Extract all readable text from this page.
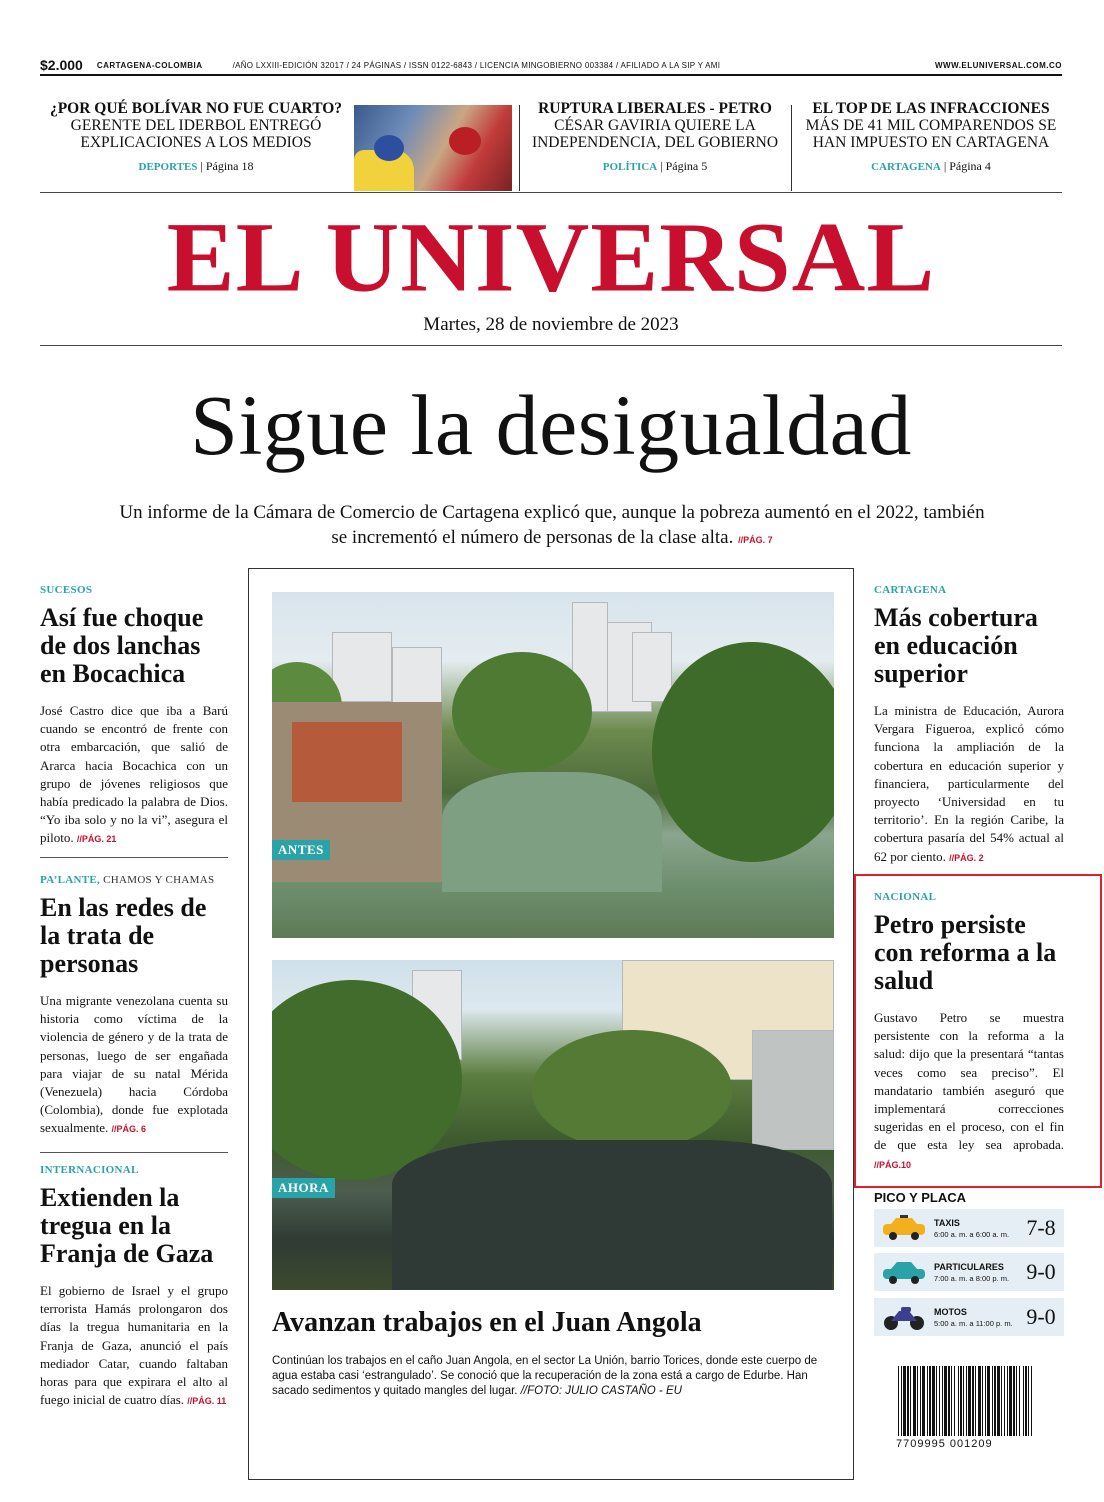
$2.000 CARTAGENA-COLOMBIA	/AÑO LXXIII-EDICIÓN 32017 / 24 PÁGINAS / ISSN 0122-6843 / LICENCIA MINGOBIERNO 003384 / AFILIADO A LA SIP Y AMI	WWW.ELUNIVERSAL.COM.CO
¿POR QUÉ BOLÍVAR NO FUE CUARTO?
GERENTE DEL IDERBOL ENTREGÓ EXPLICACIONES A LOS MEDIOS
DEPORTES | Página 18
RUPTURA LIBERALES - PETRO
CÉSAR GAVIRIA QUIERE LA INDEPENDENCIA, DEL GOBIERNO
POLÍTICA | Página 5
EL TOP DE LAS INFRACCIONES
MÁS DE 41 MIL COMPARENDOS SE HAN IMPUESTO EN CARTAGENA
CARTAGENA | Página 4
EL UNIVERSAL
Martes, 28 de noviembre de 2023
Sigue la desigualdad
Un informe de la Cámara de Comercio de Cartagena explicó que, aunque la pobreza aumentó en el 2022, también se incrementó el número de personas de la clase alta. //PÁG. 7
SUCESOS
Así fue choque de dos lanchas en Bocachica
José Castro dice que iba a Barú cuando se encontró de frente con otra embarcación, que salió de Ararca hacia Bocachica con un grupo de jóvenes religiosos que había predicado la palabra de Dios. “Yo iba solo y no la vi”, asegura el piloto. //PÁG. 21
PA’LANTE, CHAMOS Y CHAMAS
En las redes de la trata de personas
Una migrante venezolana cuenta su historia como víctima de la violencia de género y de la trata de personas, luego de ser engañada para viajar de su natal Mérida (Venezuela) hacia Córdoba (Colombia), donde fue explotada sexualmente. //PÁG. 6
INTERNACIONAL
Extienden la tregua en la Franja de Gaza
El gobierno de Israel y el grupo terrorista Hamás prolongaron dos días la tregua humanitaria en la Franja de Gaza, anunció el país mediador Catar, cuando faltaban horas para que expirara el alto al fuego inicial de cuatro días. //PÁG. 11
ANTES
AHORA
Avanzan trabajos en el Juan Angola
Continúan los trabajos en el caño Juan Angola, en el sector La Unión, barrio Torices, donde este cuerpo de agua estaba casi ‘estrangulado’. Se conoció que la recuperación de la zona está a cargo de Edurbe. Han sacado sedimentos y quitado mangles del lugar. //FOTO: JULIO CASTAÑO - EU
CARTAGENA
Más cobertura en educación superior
La ministra de Educación, Aurora Vergara Figueroa, explicó cómo funciona la ampliación de la cobertura en educación superior y financiera, particularmente del proyecto ‘Universidad en tu territorio’. En la región Caribe, la cobertura pasaría del 54% actual al 62 por ciento. //PÁG. 2
NACIONAL
Petro persiste con reforma a la salud
Gustavo Petro se muestra persistente con la reforma a la salud: dijo que la presentará “tantas veces como sea preciso”. El mandatario también aseguró que implementará correcciones sugeridas en el proceso, con el fin de que esta ley sea aprobada. //PÁG.10
PICO Y PLACA
TAXIS
6:00 a. m. a 6:00 a. m. 7-8
PARTICULARES
7:00 a. m. a 8:00 p. m. 9-0
MOTOS
5:00 a. m. a 11:00 p. m. 9-0
7709995 001209
